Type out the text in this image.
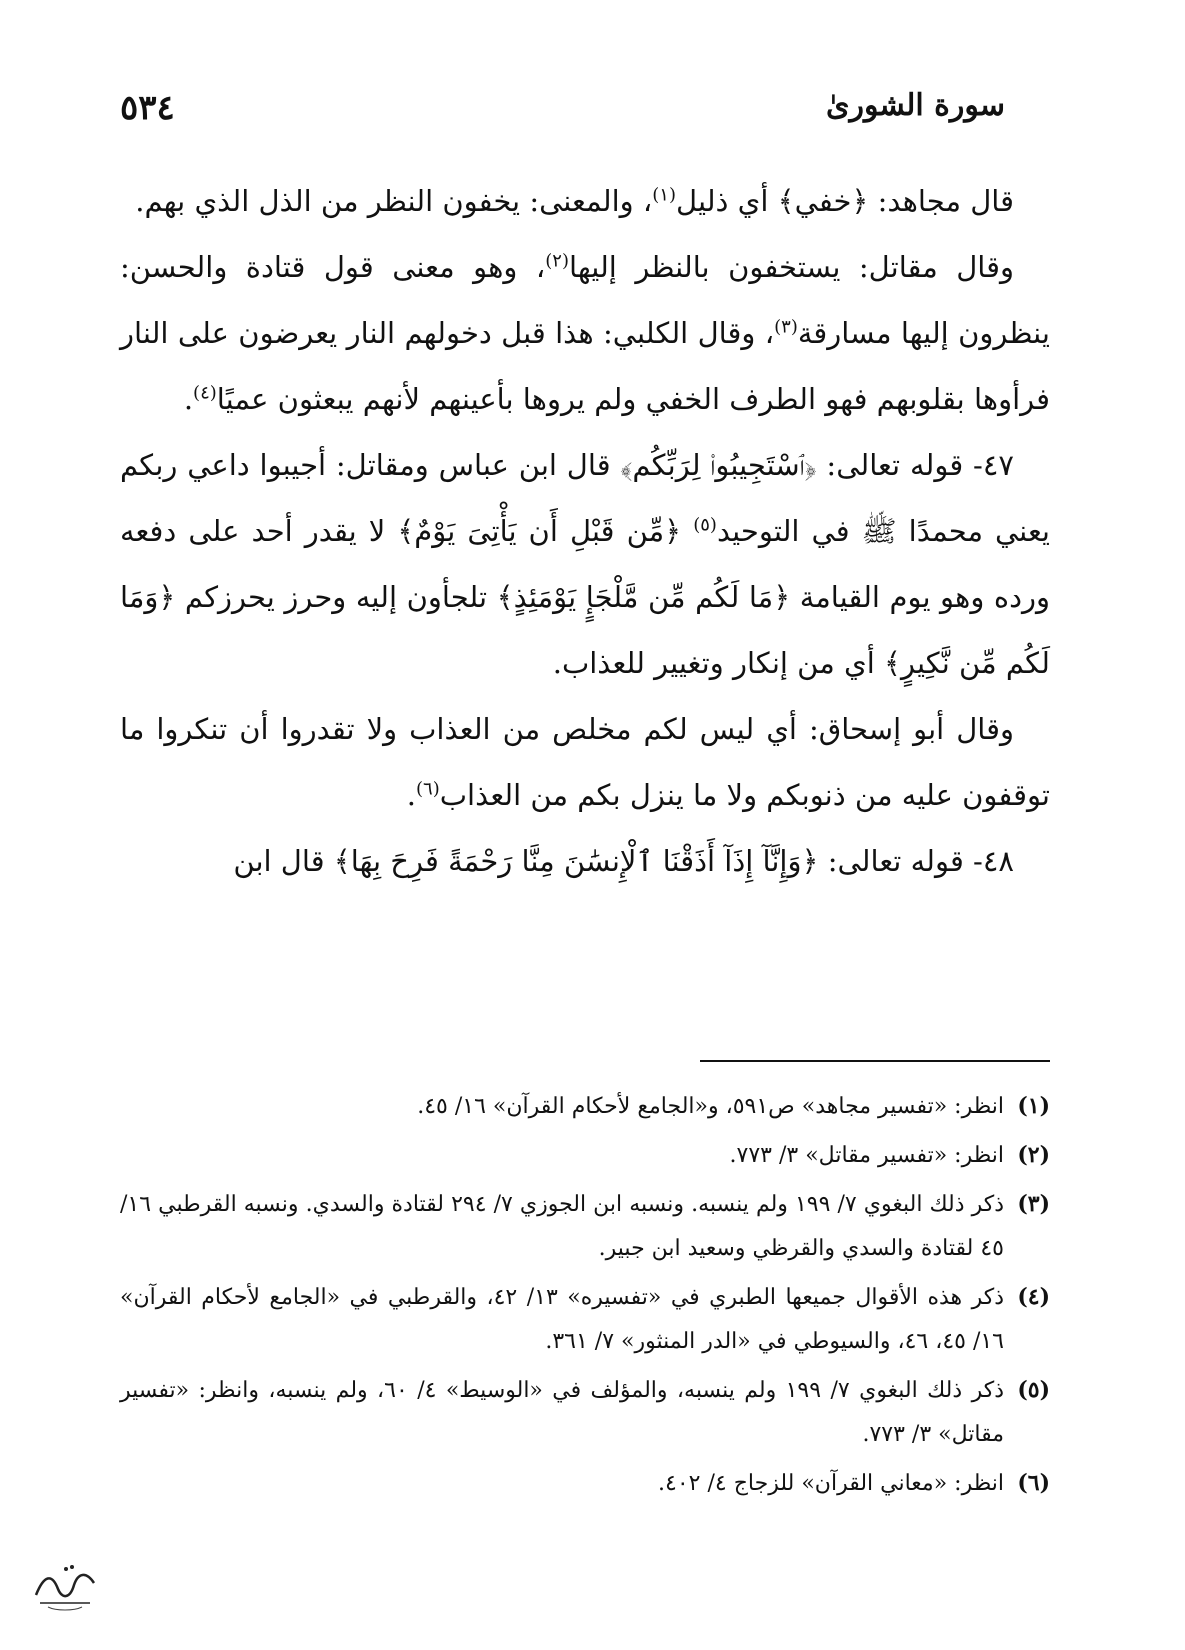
سورة الشورىٰ
٥٣٤

قال مجاهد: ﴿خفي﴾ أي ذليل$^{(١)}$، والمعنى: يخفون النظر من الذل الذي بهم.

وقال مقاتل: يستخفون بالنظر إليها$^{(٢)}$، وهو معنى قول قتادة والحسن: ينظرون إليها مسارقة$^{(٣)}$، وقال الكلبي: هذا قبل دخولهم النار يعرضون على النار فرأوها بقلوبهم فهو الطرف الخفي ولم يروها بأعينهم لأنهم يبعثون عميًا$^{(٤)}$.

٤٧- قوله تعالى: ﴿ٱسْتَجِيبُوا۟ لِرَبِّكُم﴾ قال ابن عباس ومقاتل: أجيبوا داعي ربكم يعني محمدًا ﷺ في التوحيد$^{(٥)}$ ﴿مِّن قَبْلِ أَن يَأْتِىَ يَوْمٌ﴾ لا يقدر أحد على دفعه ورده وهو يوم القيامة ﴿مَا لَكُم مِّن مَّلْجَإٍ يَوْمَئِذٍ﴾ تلجأون إليه وحرز يحرزكم ﴿وَمَا لَكُم مِّن نَّكِيرٍ﴾ أي من إنكار وتغيير للعذاب.

وقال أبو إسحاق: أي ليس لكم مخلص من العذاب ولا تقدروا أن تنكروا ما توقفون عليه من ذنوبكم ولا ما ينزل بكم من العذاب$^{(٦)}$.

٤٨- قوله تعالى: ﴿وَإِنَّآ إِذَآ أَذَقْنَا ٱلْإِنسَٰنَ مِنَّا رَحْمَةً فَرِحَ بِهَا﴾ قال ابن

(١)انظر: «تفسير مجاهد» ص٥٩١، و«الجامع لأحكام القرآن» ١٦/ ٤٥.

(٢)انظر: «تفسير مقاتل» ٣/ ٧٧٣.

(٣)ذكر ذلك البغوي ٧/ ١٩٩ ولم ينسبه. ونسبه ابن الجوزي ٧/ ٢٩٤ لقتادة والسدي. ونسبه القرطبي ١٦/ ٤٥ لقتادة والسدي والقرظي وسعيد ابن جبير.

(٤)ذكر هذه الأقوال جميعها الطبري في «تفسيره» ١٣/ ٤٢، والقرطبي في «الجامع لأحكام القرآن» ١٦/ ٤٥، ٤٦، والسيوطي في «الدر المنثور» ٧/ ٣٦١.

(٥)ذكر ذلك البغوي ٧/ ١٩٩ ولم ينسبه، والمؤلف في «الوسيط» ٤/ ٦٠، ولم ينسبه، وانظر: «تفسير مقاتل» ٣/ ٧٧٣.

(٦)انظر: «معاني القرآن» للزجاج ٤/ ٤٠٢.
